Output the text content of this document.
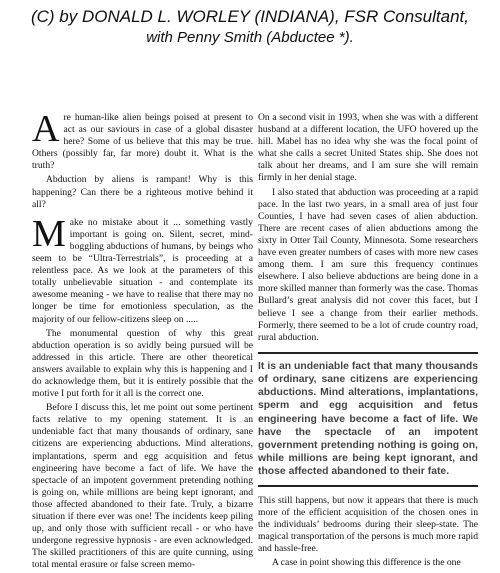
(C) by DONALD L. WORLEY (INDIANA), FSR Consultant,
with Penny Smith (Abductee *).

Are human-like alien beings poised at present to act as our saviours in case of a global disaster here? Some of us believe that this may be true. Others (possibly far, far more) doubt it. What is the truth?

Abduction by aliens is rampant! Why is this happening? Can there be a righteous motive behind it all?

Make no mistake about it ... something vastly important is going on. Silent, secret, mind-boggling abductions of humans, by beings who seem to be “Ultra-Terrestrials”, is proceeding at a relentless pace. As we look at the parameters of this totally unbelievable situation - and contemplate its awesome meaning - we have to realise that there may no longer be time for emotionless speculation, as the majority of our fellow-citizens sleep on .....

The monumental question of why this great abduction operation is so avidly being pursued will be addressed in this article. There are other theoretical answers available to explain why this is happening and I do acknowledge them, but it is entirely possible that the motive I put forth for it all is the correct one.

Before I discuss this, let me point out some pertinent facts relative to my opening statement. It is an undeniable fact that many thousands of ordinary, sane citizens are experiencing abductions. Mind alterations, implantations, sperm and egg acquisition and fetus engineering have become a fact of life. We have the spectacle of an impotent government pretending nothing is going on, while millions are being kept ignorant, and those affected abandoned to their fate. Truly, a bizarre situation if there ever was one! The incidents keep piling up, and only those with sufficient recall - or who have undergone regressive hypnosis - are even acknowledged. The skilled practitioners of this are quite cunning, using total mental erasure or false screen memo-

On a second visit in 1993, when she was with a different husband at a different location, the UFO hovered up the hill. Mabel has no idea why she was the focal point of what she calls a secret United States ship. She does not talk about her dreams, and I am sure she will remain firmly in her denial stage.

I also stated that abduction was proceeding at a rapid pace. In the last two years, in a small area of just four Counties, I have had seven cases of alien abduction. There are recent cases of alien abductions among the sixty in Otter Tail County, Minnesota. Some researchers have even greater numbers of cases with more new cases among them. I am sure this frequency continues elsewhere. I also believe abductions are being done in a more skilled manner than formerly was the case. Thomas Bullard’s great analysis did not cover this facet, but I believe I see a change from their earlier methods. Formerly, there seemed to be a lot of crude country road, rural abduction.

It is an undeniable fact that many thousands of ordinary, sane citizens are experiencing abductions. Mind alterations, implantations, sperm and egg acquisition and fetus engineering have become a fact of life. We have the spectacle of an impotent government pretending nothing is going on, while millions are being kept ignorant, and those affected abandoned to their fate.

This still happens, but now it appears that there is much more of the efficient acquisition of the chosen ones in the individuals’ bedrooms during their sleep-state. The magical transportation of the persons is much more rapid and hassle-free.

A case in point showing this difference is the one
